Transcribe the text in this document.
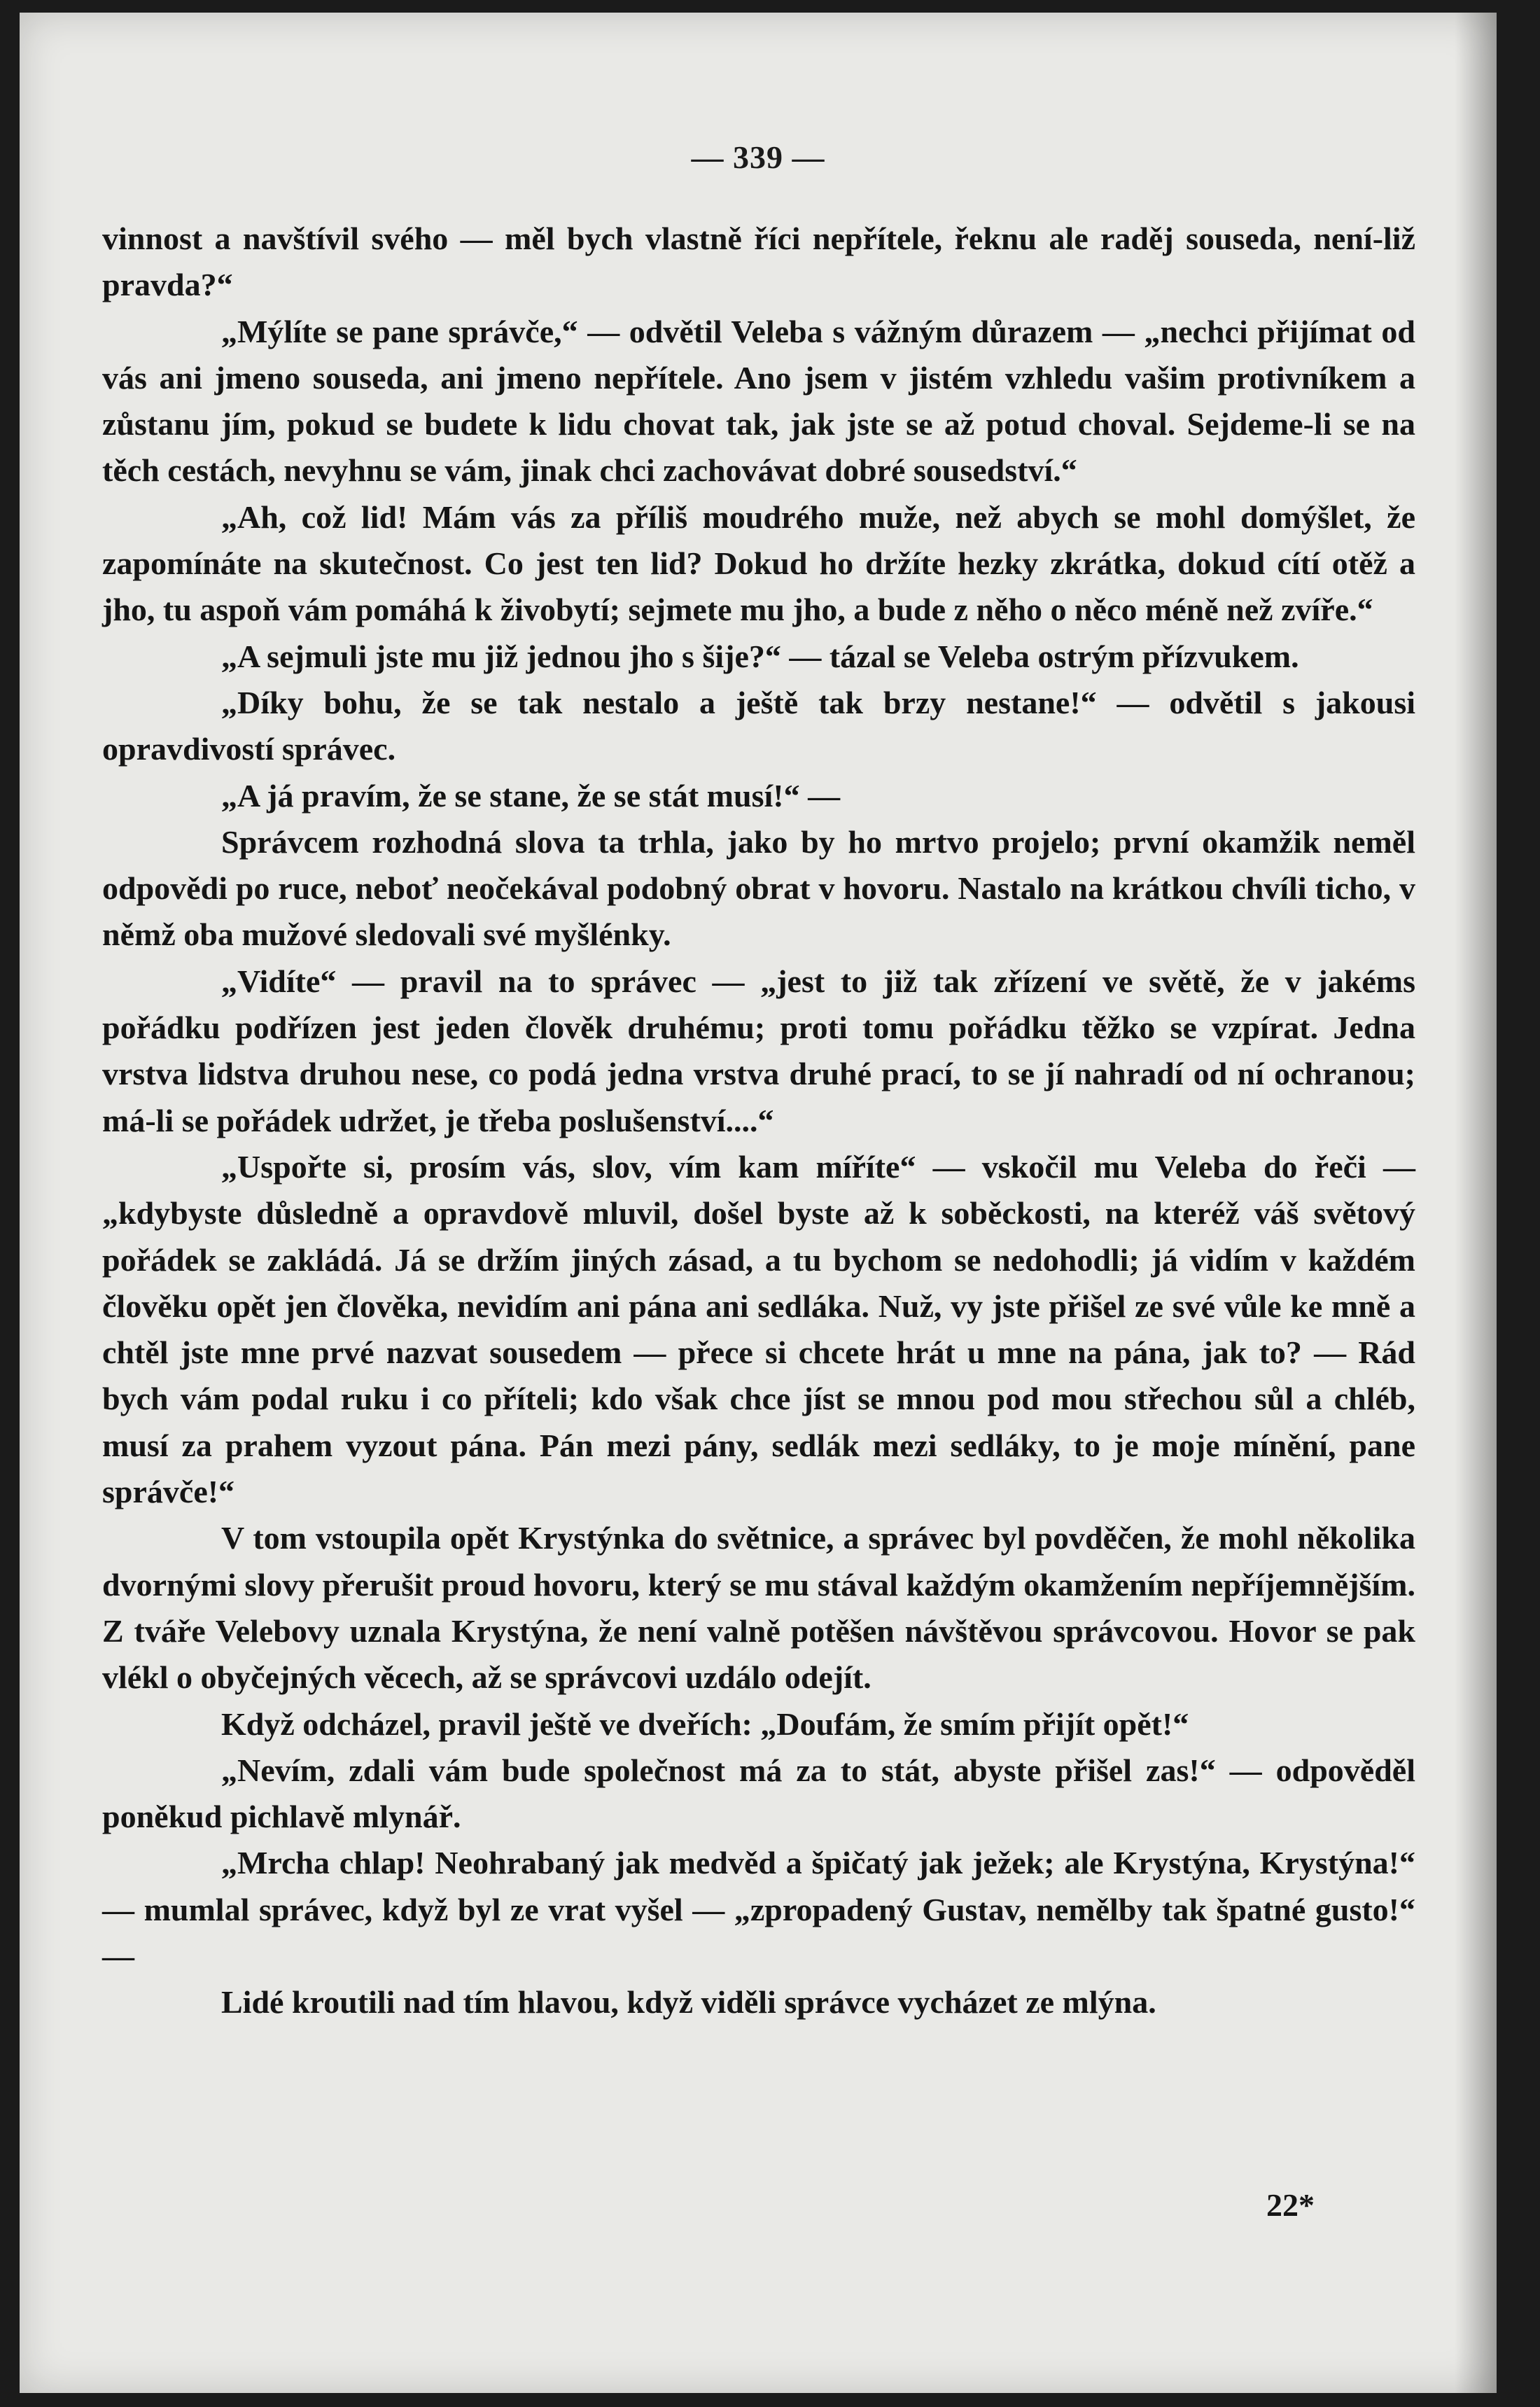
— 339 —

vinnost a navštívil svého — měl bych vlastně říci nepřítele, řeknu ale raděj souseda, není-liž pravda?“

„Mýlíte se pane správče,“ — odvětil Veleba s vážným důrazem — „nechci přijímat od vás ani jmeno souseda, ani jmeno nepřítele. Ano jsem v jistém vzhledu vašim protivníkem a zůstanu jím, pokud se budete k lidu chovat tak, jak jste se až potud choval. Sejdeme-li se na těch cestách, nevyhnu se vám, jinak chci zachovávat dobré sousedství.“

„Ah, což lid! Mám vás za příliš moudrého muže, než abych se mohl domýšlet, že zapomínáte na skutečnost. Co jest ten lid? Dokud ho držíte hezky zkrátka, dokud cítí otěž a jho, tu aspoň vám pomáhá k živobytí; sejmete mu jho, a bude z něho o něco méně než zvíře.“

„A sejmuli jste mu již jednou jho s šije?“ — tázal se Veleba ostrým přízvukem.

„Díky bohu, že se tak nestalo a ještě tak brzy nestane!“ — odvětil s jakousi opravdivostí správec.

„A já pravím, že se stane, že se stát musí!“ —

Správcem rozhodná slova ta trhla, jako by ho mrtvo projelo; první okamžik neměl odpovědi po ruce, neboť neočekával podobný obrat v hovoru. Nastalo na krátkou chvíli ticho, v němž oba mužové sledovali své myšlénky.

„Vidíte“ — pravil na to správec — „jest to již tak zřízení ve světě, že v jakéms pořádku podřízen jest jeden člověk druhému; proti tomu pořádku těžko se vzpírat. Jedna vrstva lidstva druhou nese, co podá jedna vrstva druhé prací, to se jí nahradí od ní ochranou; má-li se pořádek udržet, je třeba poslušenství....“

„Uspořte si, prosím vás, slov, vím kam míříte“ — vskočil mu Veleba do řeči — „kdybyste důsledně a opravdově mluvil, došel byste až k soběckosti, na kteréž váš světový pořádek se zakládá. Já se držím jiných zásad, a tu bychom se nedohodli; já vidím v každém člověku opět jen člověka, nevidím ani pána ani sedláka. Nuž, vy jste přišel ze své vůle ke mně a chtěl jste mne prvé nazvat sousedem — přece si chcete hrát u mne na pána, jak to? — Rád bych vám podal ruku i co příteli; kdo však chce jíst se mnou pod mou střechou sůl a chléb, musí za prahem vyzout pána. Pán mezi pány, sedlák mezi sedláky, to je moje mínění, pane správče!“

V tom vstoupila opět Krystýnka do světnice, a správec byl povděčen, že mohl několika dvornými slovy přerušit proud hovoru, který se mu stával každým okamžením nepříjemnějším. Z tváře Velebovy uznala Krystýna, že není valně potěšen návštěvou správcovou. Hovor se pak vlékl o obyčejných věcech, až se správcovi uzdálo odejít.

Když odcházel, pravil ještě ve dveřích: „Doufám, že smím přijít opět!“

„Nevím, zdali vám bude společnost má za to stát, abyste přišel zas!“ — odpověděl poněkud pichlavě mlynář.

„Mrcha chlap! Neohrabaný jak medvěd a špičatý jak ježek; ale Krystýna, Krystýna!“ — mumlal správec, když byl ze vrat vyšel — „zpropadený Gustav, nemělby tak špatné gusto!“ —

Lidé kroutili nad tím hlavou, když viděli správce vycházet ze mlýna.

22*
